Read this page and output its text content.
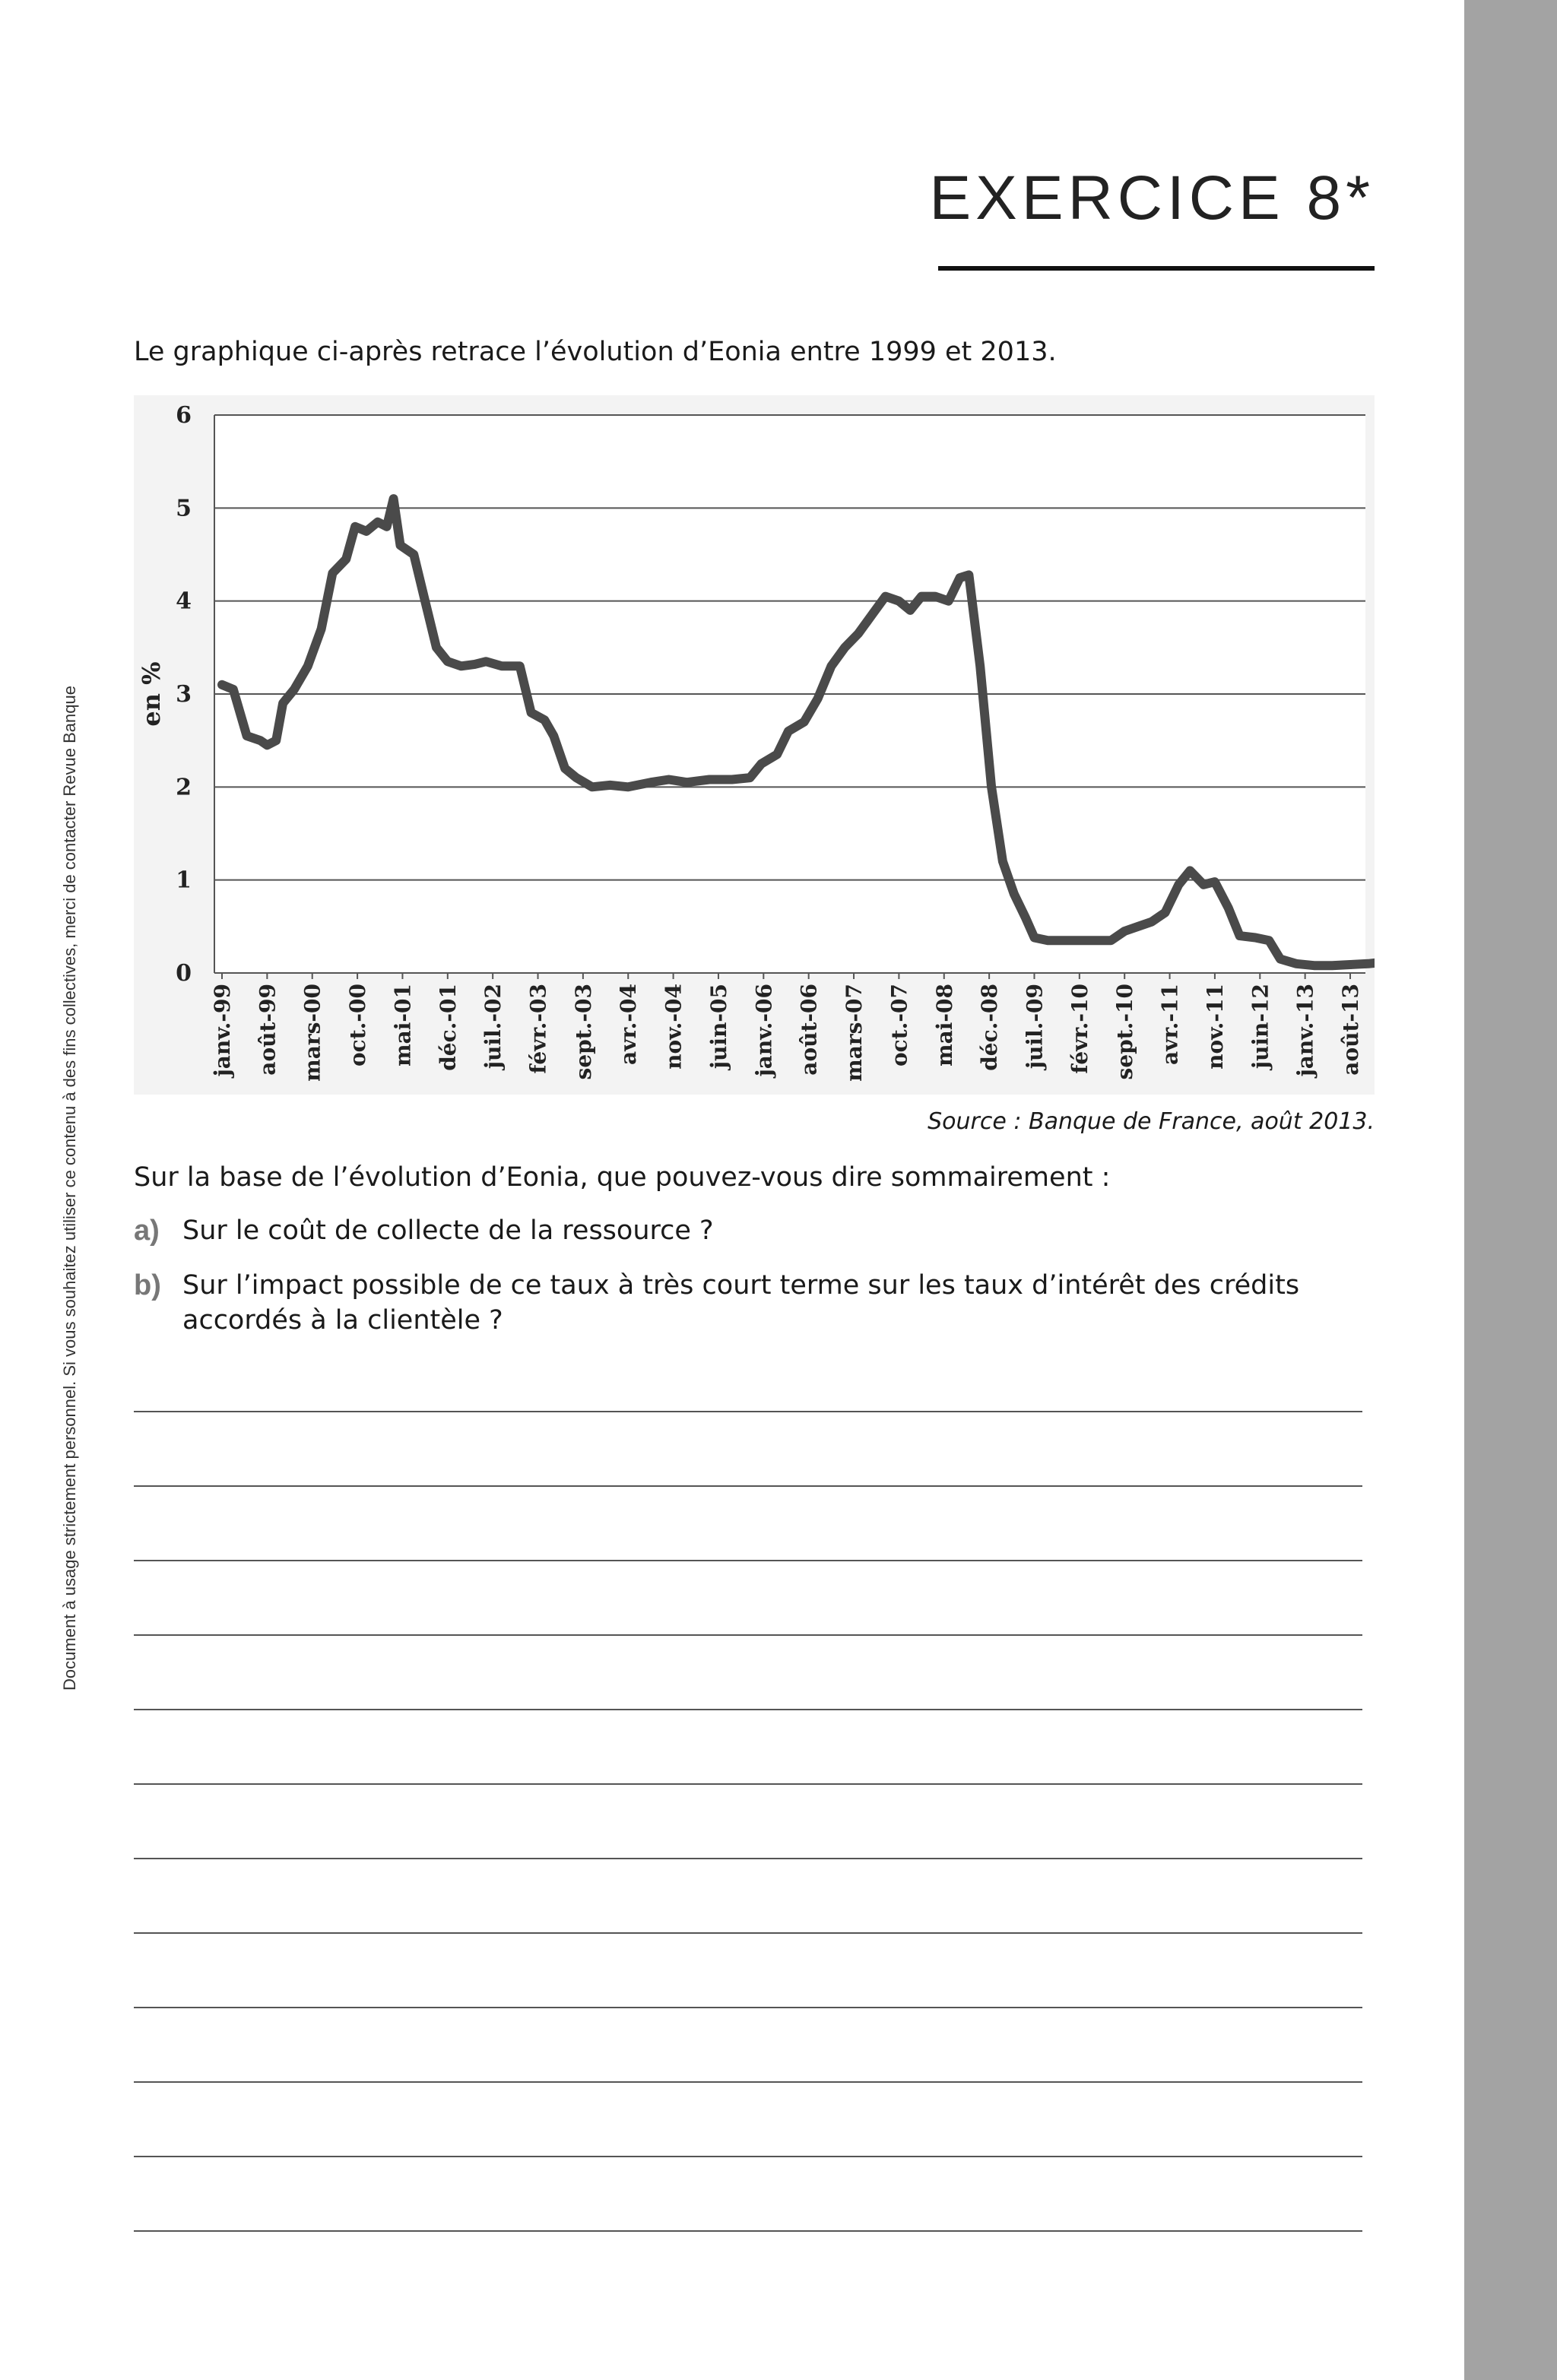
Document à usage strictement personnel. Si vous souhaitez utiliser ce contenu à des fins collectives, merci de contacter Revue Banque
EXERCICE 8*
Le graphique ci-après retrace l’évolution d’Eonia entre 1999 et 2013.
0
1
2
3
4
5
6
en %
janv.-99 août-99 mars-00 oct.-00 mai-01 déc.-01 juil.-02 févr.-03 sept.-03 avr.-04 nov.-04 juin-05 janv.-06 août-06 mars-07 oct.-07 mai-08 déc.-08 juil.-09 févr.-10 sept.-10 avr.-11 nov.-11 juin-12 janv.-13 août-13
Source : Banque de France, août 2013.
Sur la base de l’évolution d’Eonia, que pouvez-vous dire sommairement :
a) Sur le coût de collecte de la ressource ?
b) Sur l’impact possible de ce taux à très court terme sur les taux d’intérêt des crédits accordés à la clientèle ?
